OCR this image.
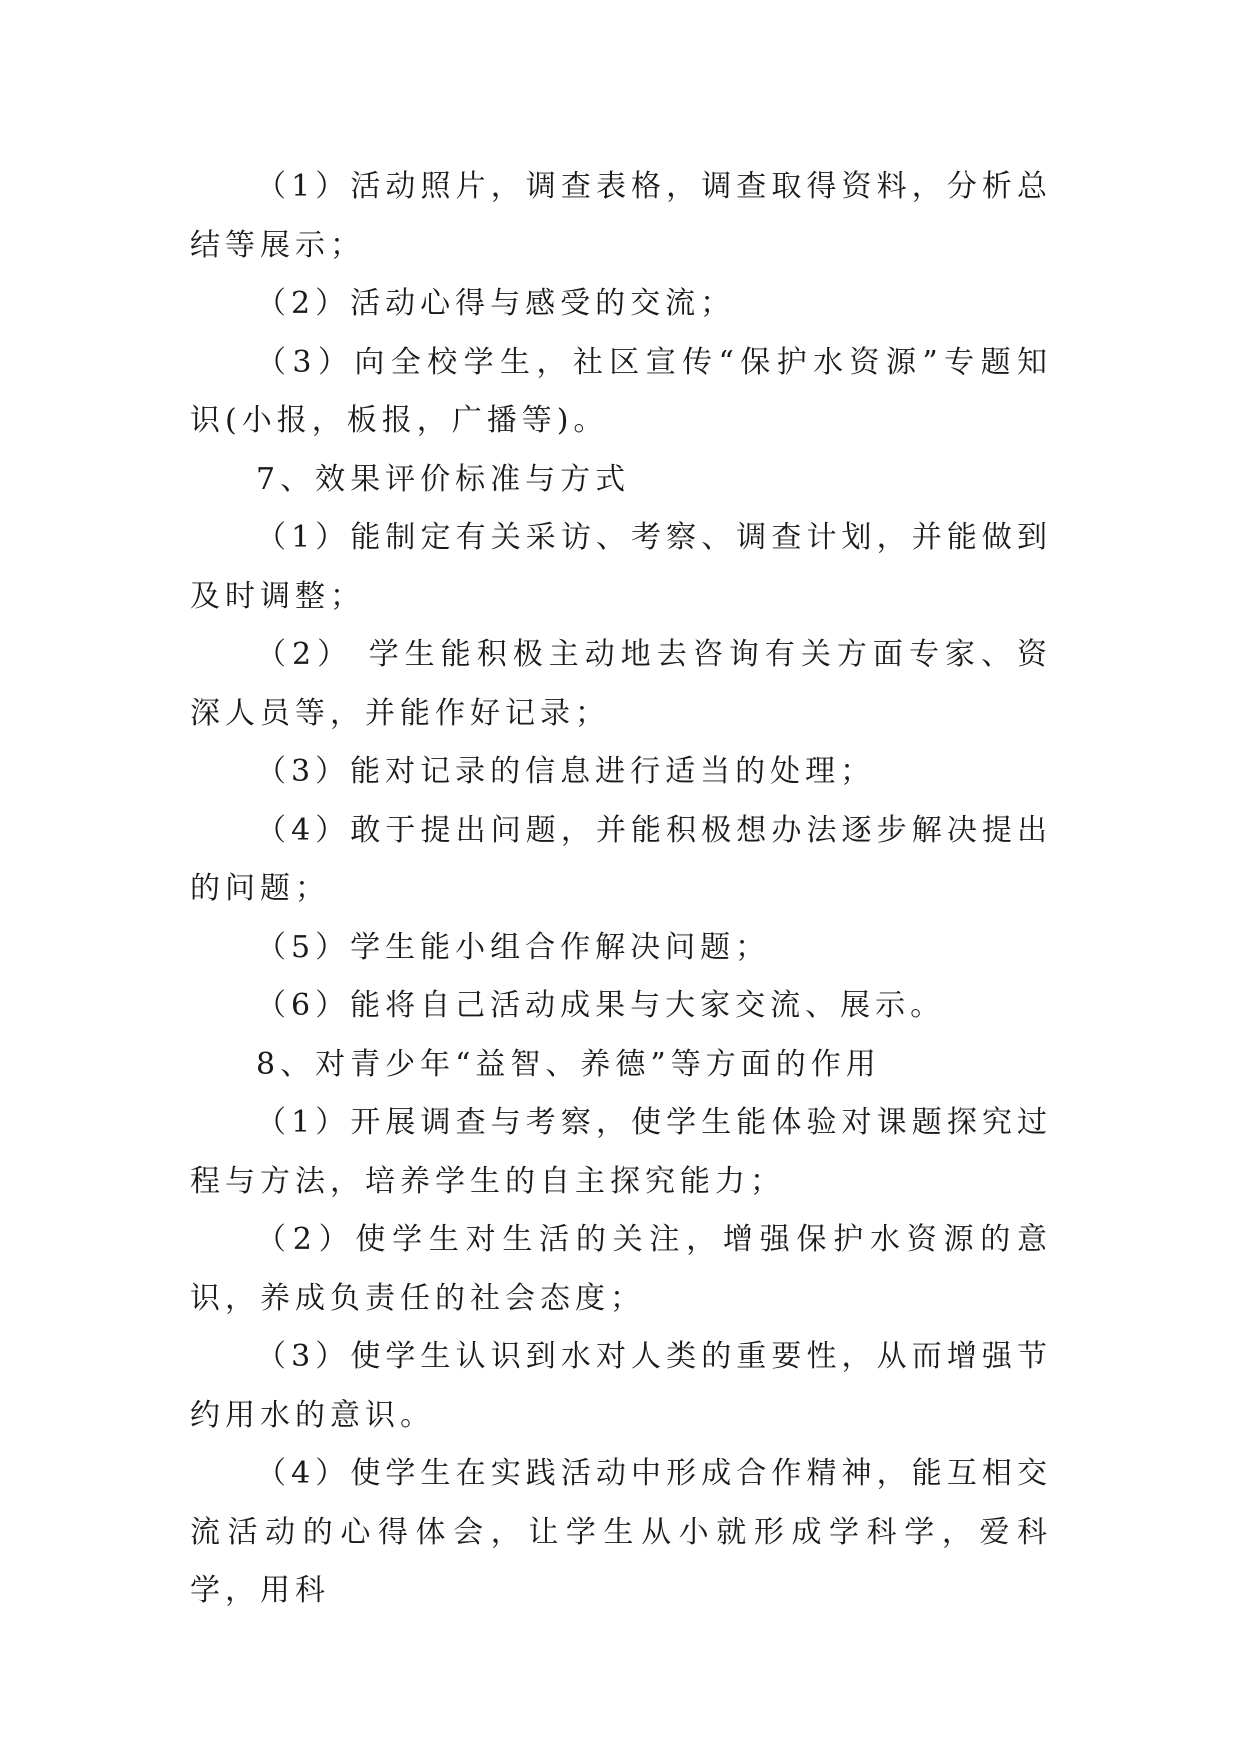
（1）活动照片，调查表格，调查取得资料，分析总结等展示；

（2）活动心得与感受的交流；

（3）向全校学生，社区宣传“保护水资源”专题知识(小报，板报，广播等)。

7、效果评价标准与方式

（1）能制定有关采访、考察、调查计划，并能做到及时调整；

（2） 学生能积极主动地去咨询有关方面专家、资深人员等，并能作好记录；

（3）能对记录的信息进行适当的处理；

（4）敢于提出问题，并能积极想办法逐步解决提出的问题；

（5）学生能小组合作解决问题；

（6）能将自己活动成果与大家交流、展示。

8、对青少年“益智、养德”等方面的作用

（1）开展调查与考察，使学生能体验对课题探究过程与方法，培养学生的自主探究能力；

（2）使学生对生活的关注，增强保护水资源的意识，养成负责任的社会态度；

（3）使学生认识到水对人类的重要性，从而增强节约用水的意识。

（4）使学生在实践活动中形成合作精神，能互相交流活动的心得体会，让学生从小就形成学科学，爱科学，用科
